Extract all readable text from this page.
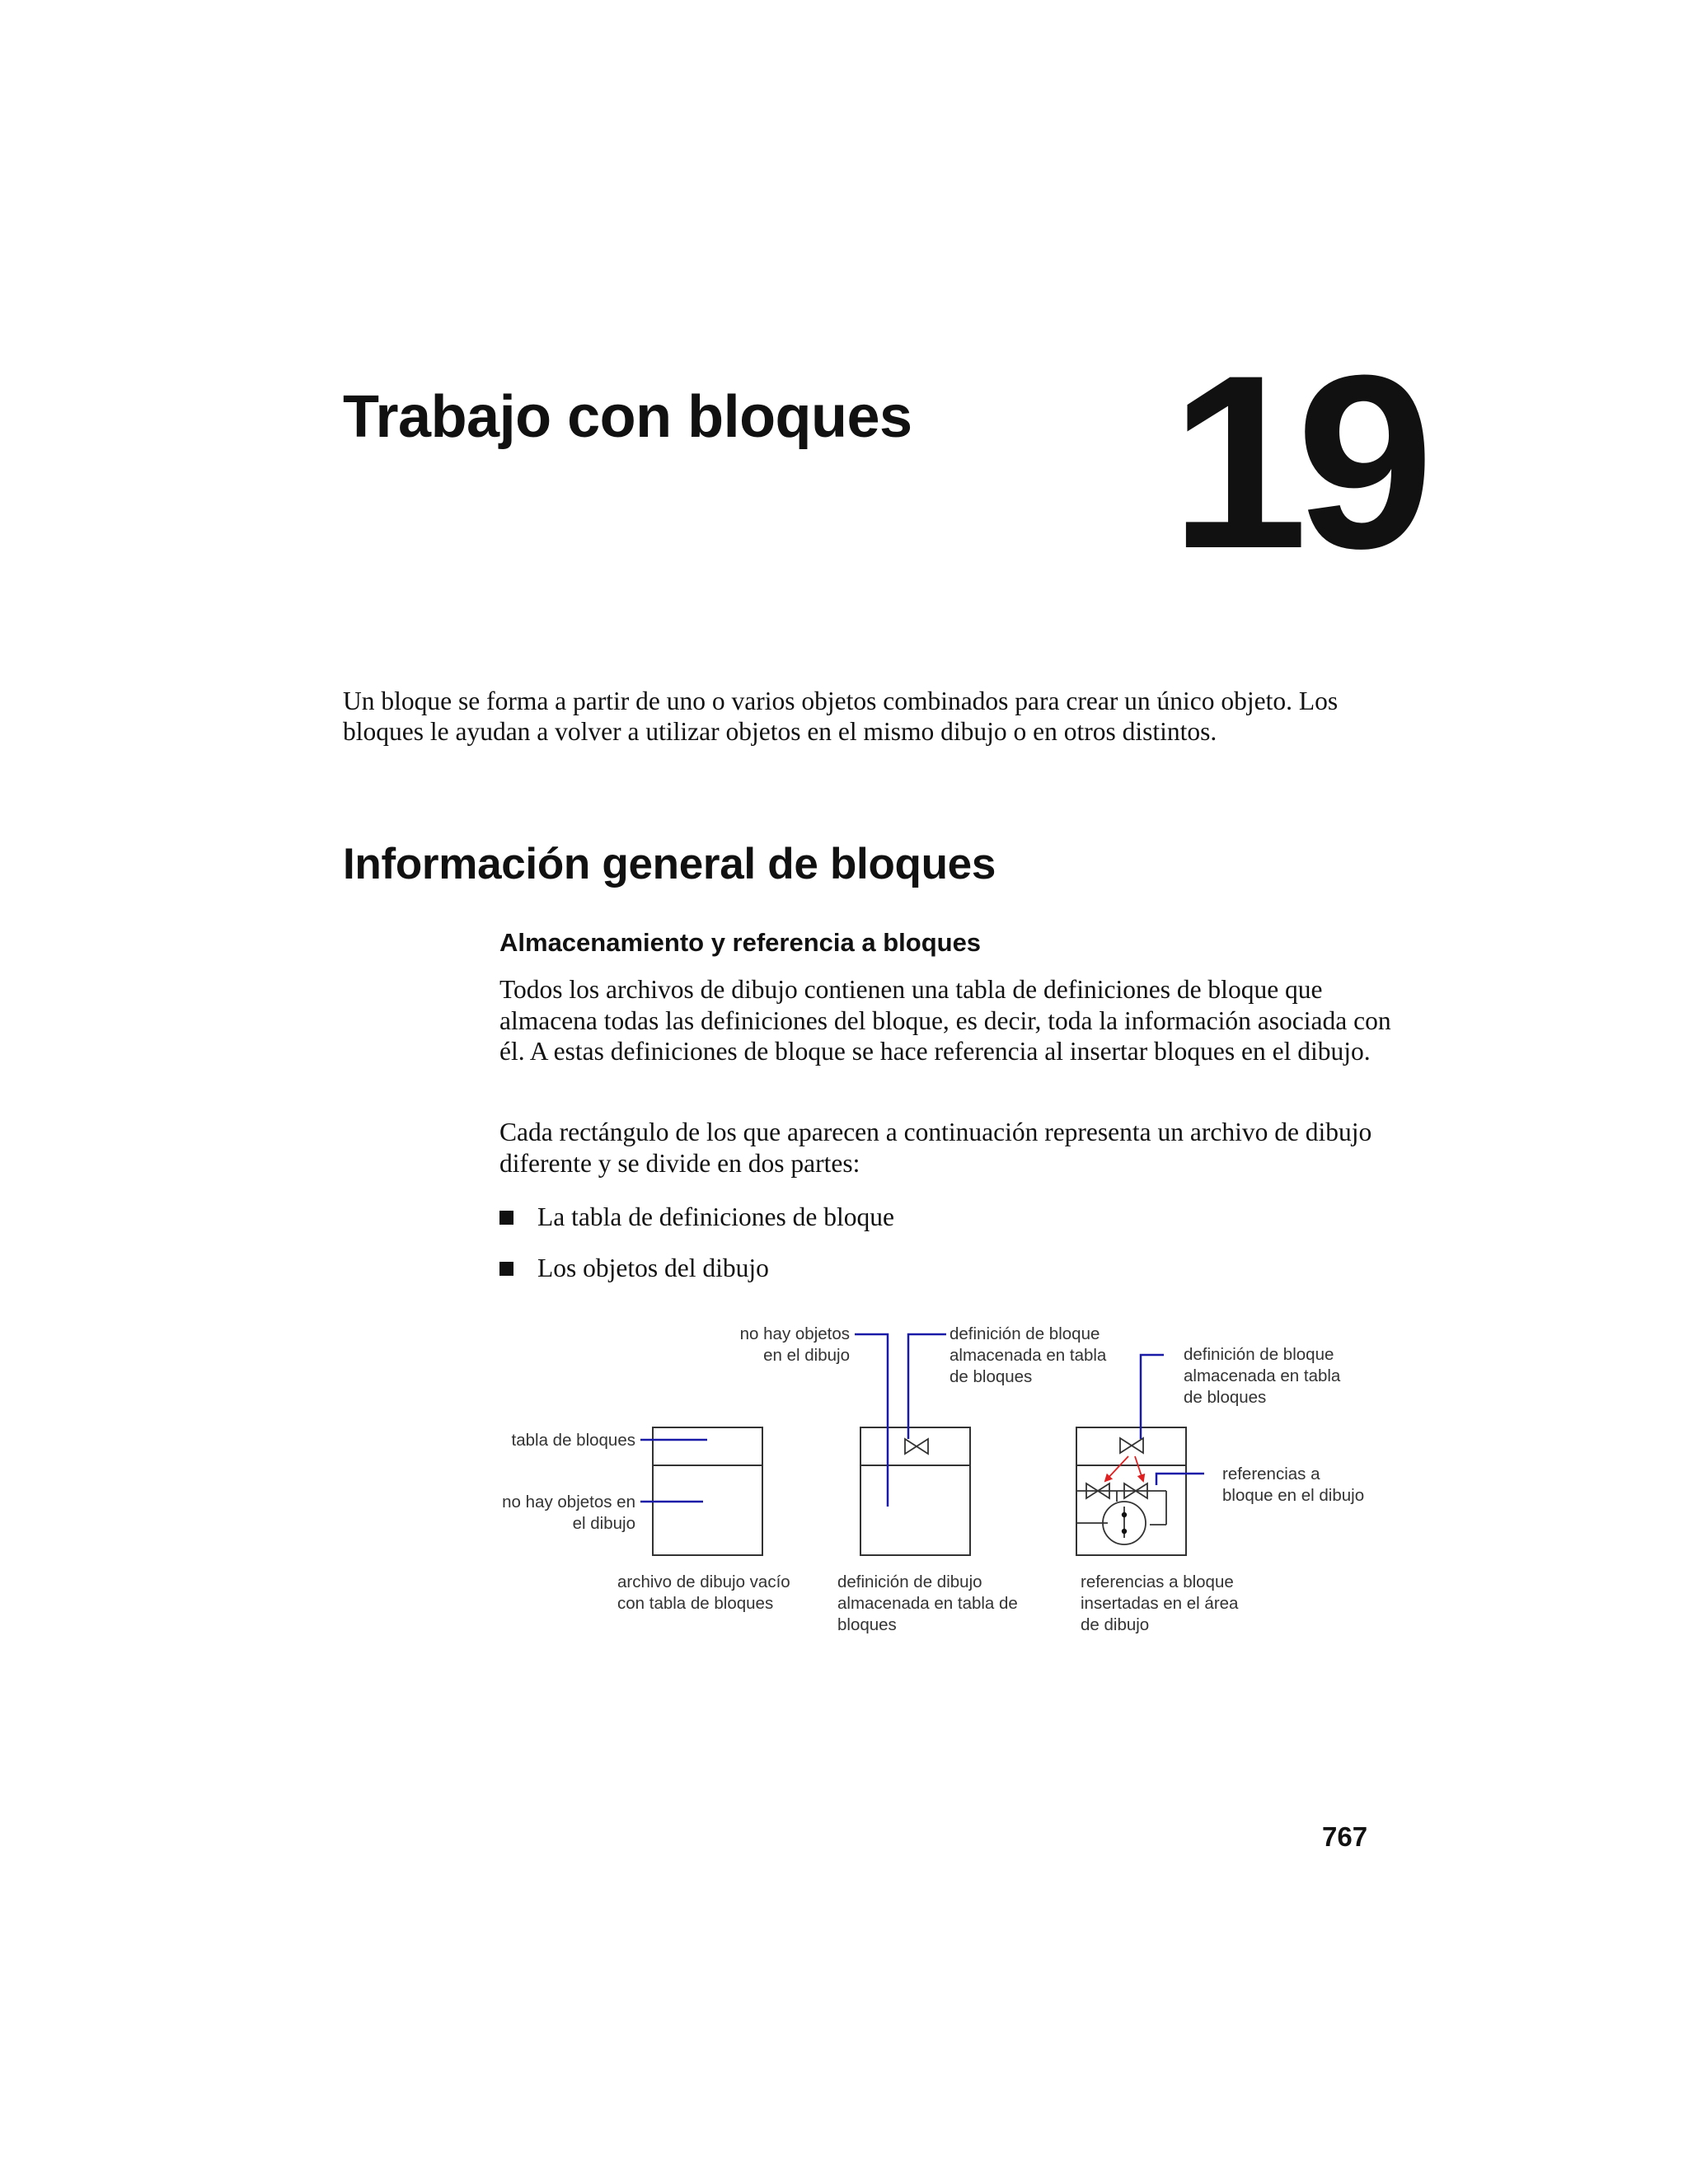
Trabajo con bloques 19

Un bloque se forma a partir de uno o varios objetos combinados para crear un único objeto. Los bloques le ayudan a volver a utilizar objetos en el mismo dibujo o en otros distintos.

Información general de bloques
Almacenamiento y referencia a bloques

Todos los archivos de dibujo contienen una tabla de definiciones de bloque que almacena todas las definiciones del bloque, es decir, toda la información asociada con él. A estas definiciones de bloque se hace referencia al insertar bloques en el dibujo.

Cada rectángulo de los que aparecen a continuación representa un archivo de dibujo diferente y se divide en dos partes:

La tabla de definiciones de bloque
Los objetos del dibujo
tabla de bloques
no hay objetos en
el dibujo
archivo de dibujo vacío
con tabla de bloques
no hay objetos
en el dibujo
definición de bloque
almacenada en tabla
de bloques
definición de dibujo
almacenada en tabla de
bloques
definición de bloque
almacenada en tabla
de bloques
referencias a
bloque en el dibujo
referencias a bloque
insertadas en el área
de dibujo
767
